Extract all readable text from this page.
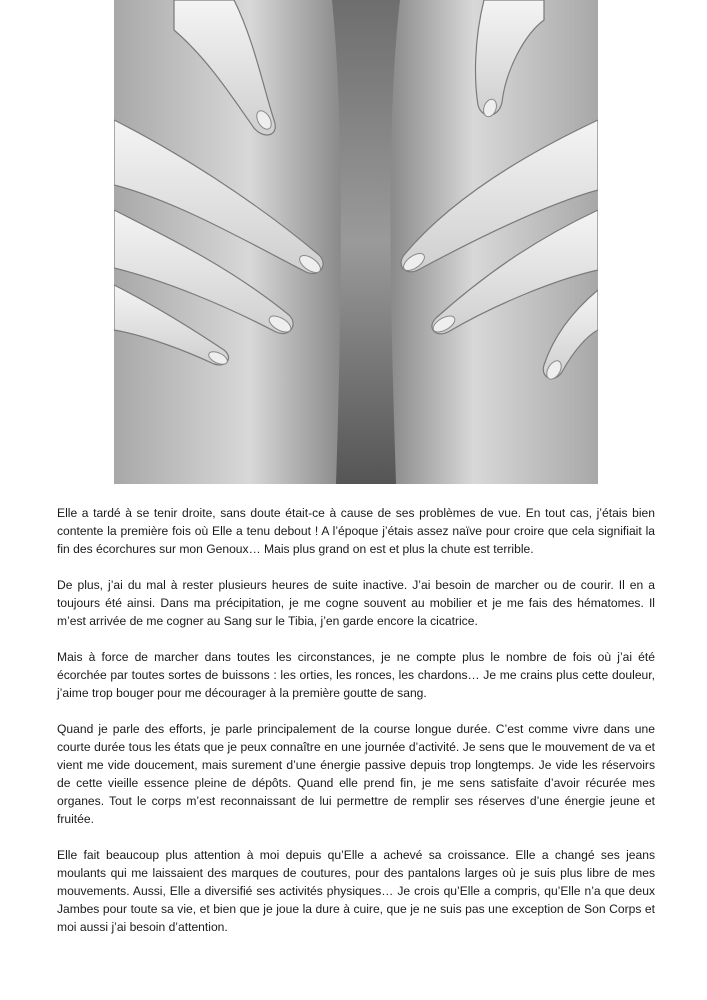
Elle a tardé à se tenir droite, sans doute était-ce à cause de ses problèmes de vue. En tout cas, j’étais bien contente la première fois où Elle a tenu debout ! A l’époque j’étais assez naïve pour croire que cela signifiait la fin des écorchures sur mon Genoux… Mais plus grand on est et plus la chute est terrible.

De plus, j’ai du mal à rester plusieurs heures de suite inactive. J’ai besoin de marcher ou de courir. Il en a toujours été ainsi. Dans ma précipitation, je me cogne souvent au mobilier et je me fais des hématomes. Il m’est arrivée de me cogner au Sang sur le Tibia, j’en garde encore la cicatrice.

Mais à force de marcher dans toutes les circonstances, je ne compte plus le nombre de fois où j’ai été écorchée par toutes sortes de buissons : les orties, les ronces, les chardons… Je me crains plus cette douleur, j’aime trop bouger pour me décourager à la première goutte de sang.

Quand je parle des efforts, je parle principalement de la course longue durée. C’est comme vivre dans une courte durée tous les états que je peux connaître en une journée d’activité. Je sens que le mouvement de va et vient me vide doucement, mais surement d’une énergie passive depuis trop longtemps. Je vide les réservoirs de cette vieille essence pleine de dépôts. Quand elle prend fin, je me sens satisfaite d’avoir récurée mes organes. Tout le corps m’est reconnaissant de lui permettre de remplir ses réserves d’une énergie jeune et fruitée.

Elle fait beaucoup plus attention à moi depuis qu’Elle a achevé sa croissance. Elle a changé ses jeans moulants qui me laissaient des marques de coutures, pour des pantalons larges où je suis plus libre de mes mouvements. Aussi, Elle a diversifié ses activités physiques… Je crois qu’Elle a compris, qu’Elle n’a que deux Jambes pour toute sa vie, et bien que je joue la dure à cuire, que je ne suis pas une exception de Son Corps et moi aussi j’ai besoin d’attention.
